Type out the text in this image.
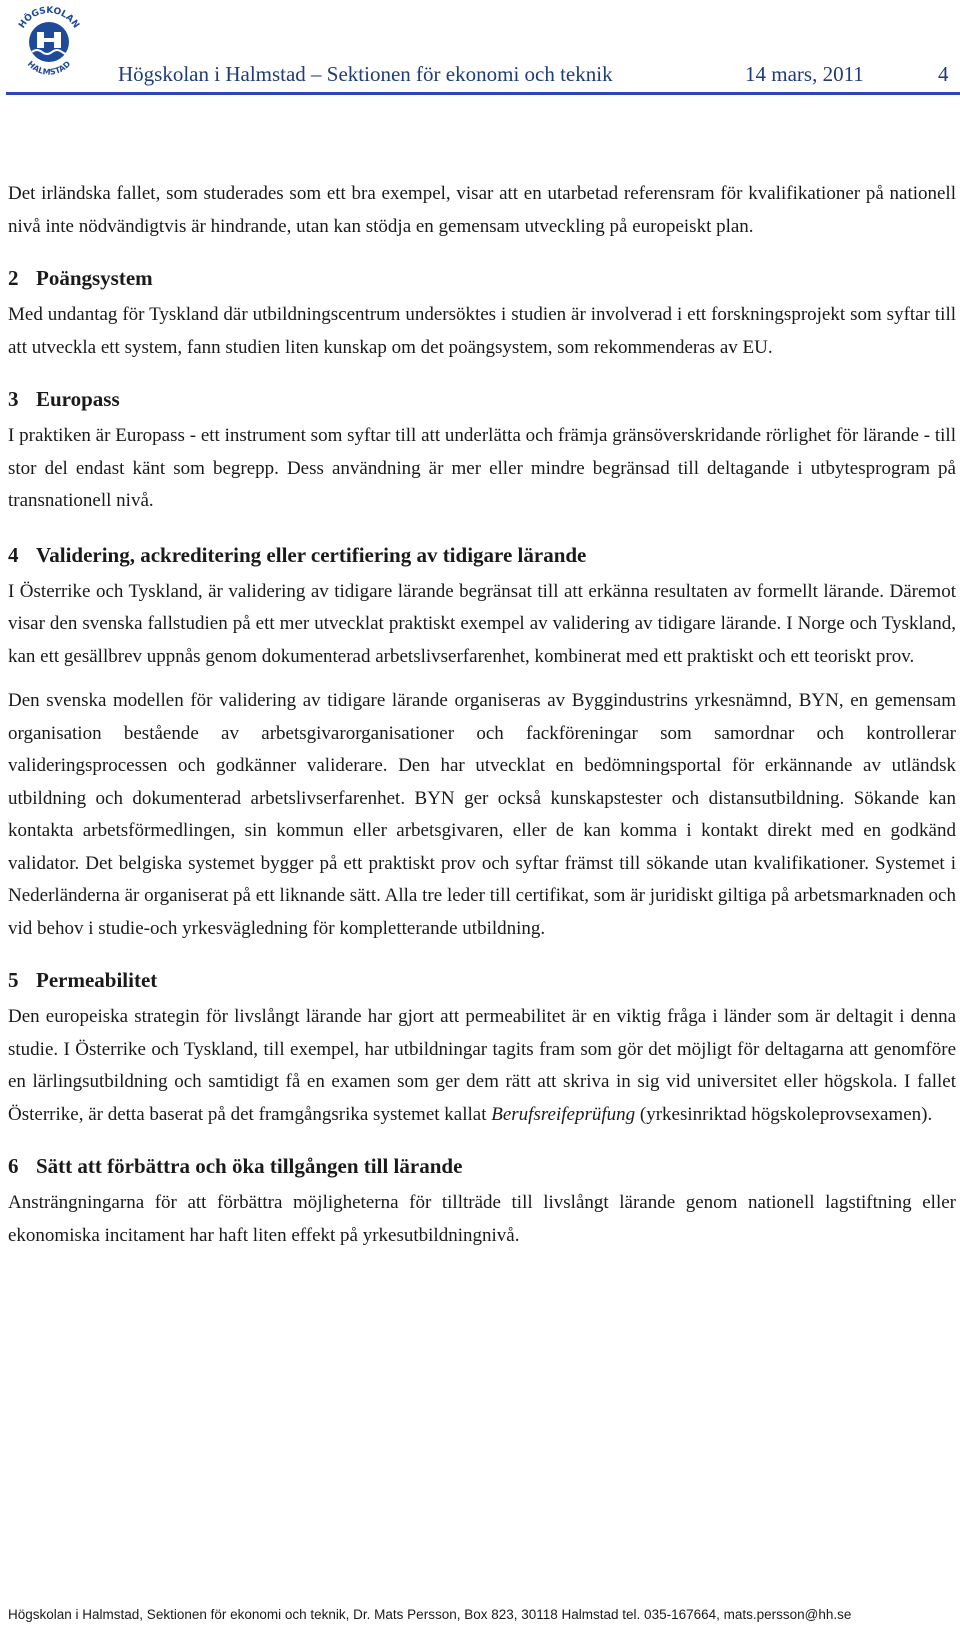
HÖGSKOLAN
HALMSTAD Högskolan i Halmstad – Sektionen för ekonomi och teknik	14 mars, 2011	4

Det irländska fallet, som studerades som ett bra exempel, visar att en utarbetad referensram för kvalifikationer på nationell nivå inte nödvändigtvis är hindrande, utan kan stödja en gemensam utveckling på europeiskt plan.

2 Poängsystem

Med undantag för Tyskland där utbildningscentrum undersöktes i studien är involverad i ett forskningsprojekt som syftar till att utveckla ett system, fann studien liten kunskap om det poängsystem, som rekommenderas av EU.

3 Europass

I praktiken är Europass - ett instrument som syftar till att underlätta och främja gränsöverskridande rörlighet för lärande - till stor del endast känt som begrepp. Dess användning är mer eller mindre begränsad till deltagande i utbytesprogram på transnationell nivå.

4 Validering, ackreditering eller certifiering av tidigare lärande

I Österrike och Tyskland, är validering av tidigare lärande begränsat till att erkänna resultaten av formellt lärande. Däremot visar den svenska fallstudien på ett mer utvecklat praktiskt exempel av validering av tidigare lärande. I Norge och Tyskland, kan ett gesällbrev uppnås genom dokumenterad arbetslivserfarenhet, kombinerat med ett praktiskt och ett teoriskt prov.

Den svenska modellen för validering av tidigare lärande organiseras av Byggindustrins yrkesnämnd, BYN, en gemensam organisation bestående av arbetsgivarorganisationer och fackföreningar som samordnar och kontrollerar valideringsprocessen och godkänner validerare. Den har utvecklat en bedömningsportal för erkännande av utländsk utbildning och dokumenterad arbetslivserfarenhet. BYN ger också kunskapstester och distansutbildning. Sökande kan kontakta arbetsförmedlingen, sin kommun eller arbetsgivaren, eller de kan komma i kontakt direkt med en godkänd validator. Det belgiska systemet bygger på ett praktiskt prov och syftar främst till sökande utan kvalifikationer. Systemet i Nederländerna är organiserat på ett liknande sätt. Alla tre leder till certifikat, som är juridiskt giltiga på arbetsmarknaden och vid behov i studie-och yrkesvägledning för kompletterande utbildning.

5 Permeabilitet

Den europeiska strategin för livslångt lärande har gjort att permeabilitet är en viktig fråga i länder som är deltagit i denna studie. I Österrike och Tyskland, till exempel, har utbildningar tagits fram som gör det möjligt för deltagarna att genomföre en lärlingsutbildning och samtidigt få en examen som ger dem rätt att skriva in sig vid universitet eller högskola. I fallet Österrike, är detta baserat på det framgångsrika systemet kallat Berufsreifeprüfung (yrkesinriktad högskoleprovsexamen).

6 Sätt att förbättra och öka tillgången till lärande

Ansträngningarna för att förbättra möjligheterna för tillträde till livslångt lärande genom nationell lagstiftning eller ekonomiska incitament har haft liten effekt på yrkesutbildningnivå.

Högskolan i Halmstad, Sektionen för ekonomi och teknik, Dr. Mats Persson, Box 823, 30118 Halmstad tel. 035-167664, mats.persson@hh.se
